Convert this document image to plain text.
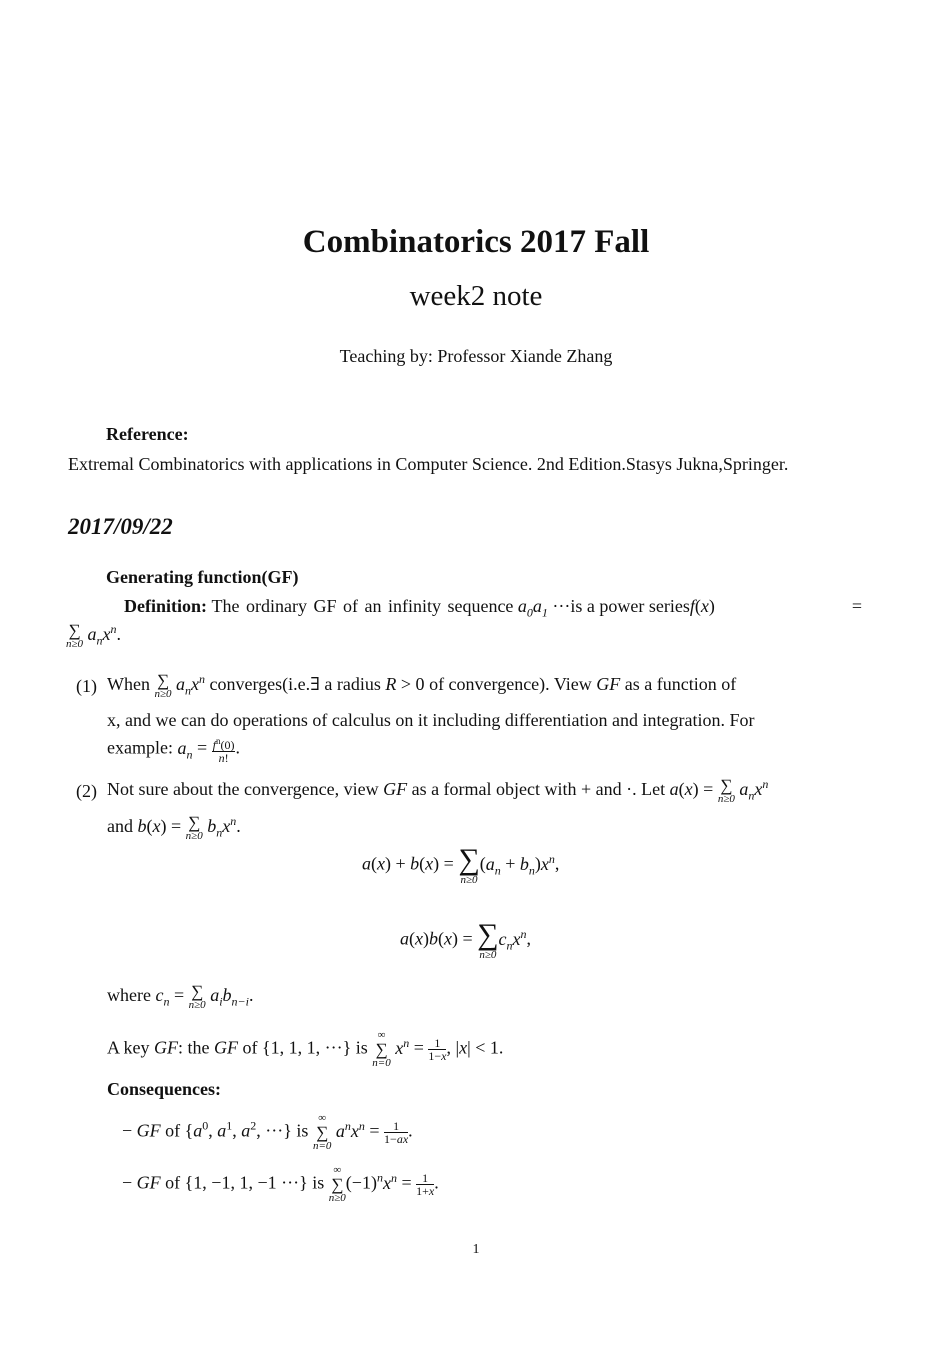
Combinatorics 2017 Fall
week2 note
Teaching by: Professor Xiande Zhang
Reference:
Extremal Combinatorics with applications in Computer Science. 2nd Edition.Stasys Jukna,Springer.
2017/09/22
Generating function(GF)
Definition: The ordinary GF of an infinity sequence $a_0a_1 \cdot\cdot\cdot is$ a power seriesf(x)	=
∑
n≥0 $a_nx^n$.
(1) When ∑
n≥0 $a_nx^n$ converges(i.e.∃ a radius R > 0 of convergence). View GF as a function of
x, and we can do operations of calculus on it including differentiation and integration. For
example: $a_n = \frac{f^n(0)}{n!}$ .
(2) Not sure about the convergence, view GF as a formal object with + and ·. Let a(x) = ∑
n≥0 $a_nx^n$
and b(x) = ∑
n≥0 $b_nx^n$.
a(x) + b(x) = ∑
n≥0
$(a_n + b_n)x^n$,
a(x)b(x) = ∑
n≥0
$c_nx^n$,
where $c_n$ = ∑
n≥0 $a_ib_{n-i}$.
A key GF: the GF of {1, 1, 1, ···} is
∞
∑
n=0
$x^n = \frac{1}{1-x}$ , |x| < 1.
Consequences:
− GF of {$a^0$, $a^1$, $a^2$, ···} is
∞
∑
n=0
$a^nx^n = \frac{1}{1-ax}$ .
− GF of {1, −1, 1, −1 ···} is
∞
∑
n≥0
$(-1)^nx^n = \frac{1}{1+x}$ .
1
